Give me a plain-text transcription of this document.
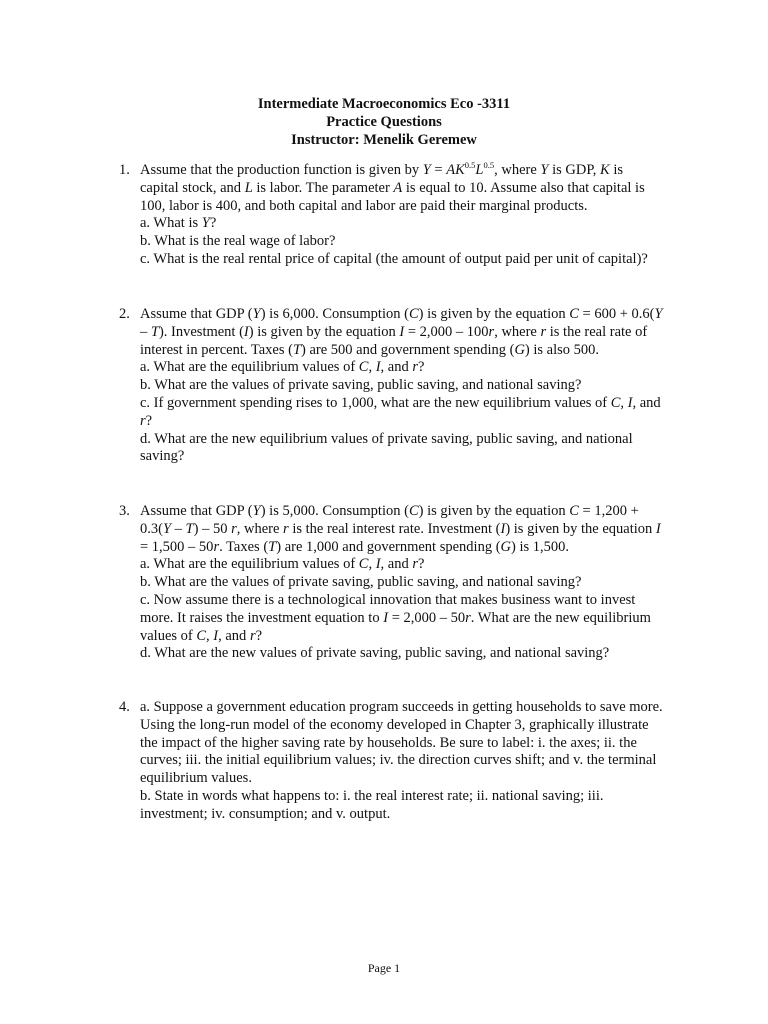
Intermediate Macroeconomics Eco -3311
Practice Questions
Instructor: Menelik Geremew
1. Assume that the production function is given by $Y = AK^{0.5}L^{0.5}$, where Y is GDP, K is
capital stock, and L is labor. The parameter A is equal to 10. Assume also that capital is
100, labor is 400, and both capital and labor are paid their marginal products.
a. What is Y?
b. What is the real wage of labor?
c. What is the real rental price of capital (the amount of output paid per unit of capital)?
2. Assume that GDP (Y) is 6,000. Consumption (C) is given by the equation C = 600 + 0.6(Y
– T). Investment (I) is given by the equation I = 2,000 – 100r, where r is the real rate of
interest in percent. Taxes (T) are 500 and government spending (G) is also 500.
a. What are the equilibrium values of C, I, and r?
b. What are the values of private saving, public saving, and national saving?
c. If government spending rises to 1,000, what are the new equilibrium values of C, I, and
r?
d. What are the new equilibrium values of private saving, public saving, and national
saving?
3. Assume that GDP (Y) is 5,000. Consumption (C) is given by the equation C = 1,200 +
0.3(Y – T) – 50 r, where r is the real interest rate. Investment (I) is given by the equation I
= 1,500 – 50r. Taxes (T) are 1,000 and government spending (G) is 1,500.
a. What are the equilibrium values of C, I, and r?
b. What are the values of private saving, public saving, and national saving?
c. Now assume there is a technological innovation that makes business want to invest
more. It raises the investment equation to I = 2,000 – 50r. What are the new equilibrium
values of C, I, and r?
d. What are the new values of private saving, public saving, and national saving?
4. a. Suppose a government education program succeeds in getting households to save more.
Using the long-run model of the economy developed in Chapter 3, graphically illustrate
the impact of the higher saving rate by households. Be sure to label: i. the axes; ii. the
curves; iii. the initial equilibrium values; iv. the direction curves shift; and v. the terminal
equilibrium values.
b. State in words what happens to: i. the real interest rate; ii. national saving; iii.
investment; iv. consumption; and v. output.
Page 1
